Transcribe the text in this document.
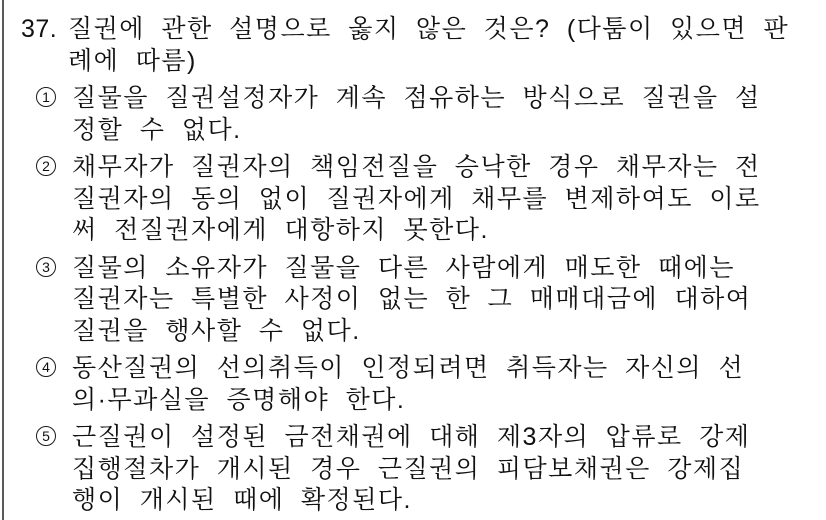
37. 질권에 관한 설명으로 옳지 않은 것은? (다툼이 있으면 판
례에 따름)
1 질물을 질권설정자가 계속 점유하는 방식으로 질권을 설
정할 수 없다.
2 채무자가 질권자의 책임전질을 승낙한 경우 채무자는 전
질권자의 동의 없이 질권자에게 채무를 변제하여도 이로
써 전질권자에게 대항하지 못한다.
3 질물의 소유자가 질물을 다른 사람에게 매도한 때에는
질권자는 특별한 사정이 없는 한 그 매매대금에 대하여
질권을 행사할 수 없다.
4 동산질권의 선의취득이 인정되려면 취득자는 자신의 선
의·무과실을 증명해야 한다.
5 근질권이 설정된 금전채권에 대해 제3자의 압류로 강제
집행절차가 개시된 경우 근질권의 피담보채권은 강제집
행이 개시된 때에 확정된다.
